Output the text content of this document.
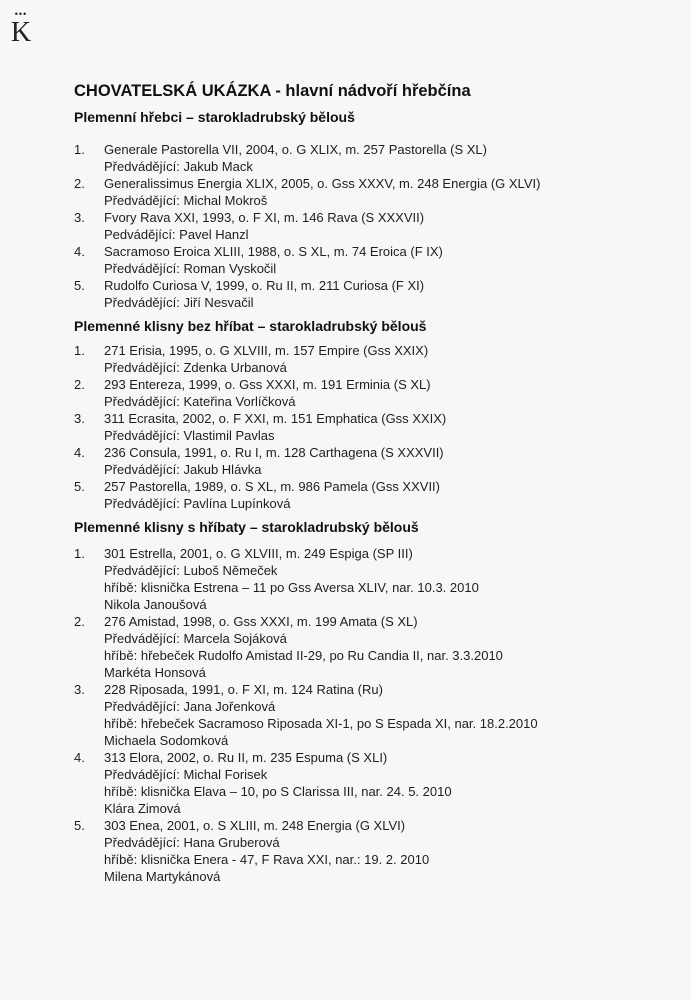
•••
K
CHOVATELSKÁ UKÁZKA - hlavní nádvoří hřebčína
Plemenní hřebci – starokladrubský bělouš
1. Generale Pastorella VII, 2004, o. G XLIX, m. 257 Pastorella (S XL)
Předvádějící: Jakub Mack
2. Generalissimus Energia XLIX, 2005, o. Gss XXXV, m. 248 Energia (G XLVI)
Předvádějící: Michal Mokroš
3. Fvory Rava XXI, 1993, o. F XI, m. 146 Rava (S XXXVII)
Pedvádějící: Pavel Hanzl
4. Sacramoso Eroica XLIII, 1988, o. S XL, m. 74 Eroica (F IX)
Předvádějící: Roman Vyskočil
5. Rudolfo Curiosa V, 1999, o. Ru II, m. 211 Curiosa (F XI)
Předvádějící: Jiří Nesvačil
Plemenné klisny bez hříbat – starokladrubský bělouš
1. 271 Erisia, 1995, o. G XLVIII, m. 157 Empire (Gss XXIX)
Předvádějící: Zdenka Urbanová
2. 293 Entereza, 1999, o. Gss XXXI, m. 191 Erminia (S XL)
Předvádějící: Kateřina Vorlíčková
3. 311 Ecrasita, 2002, o. F XXI, m. 151 Emphatica (Gss XXIX)
Předvádějící: Vlastimil Pavlas
4. 236 Consula, 1991, o. Ru I, m. 128 Carthagena (S XXXVII)
Předvádějící: Jakub Hlávka
5. 257 Pastorella, 1989, o. S XL, m. 986 Pamela (Gss XXVII)
Předvádějící: Pavlína Lupínková
Plemenné klisny s hříbaty – starokladrubský bělouš
1. 301 Estrella, 2001, o. G XLVIII, m. 249 Espiga (SP III)
Předvádějící: Luboš Němeček
hříbě: klisnička Estrena – 11 po Gss Aversa XLIV, nar. 10.3. 2010
Nikola Janoušová
2. 276 Amistad, 1998, o. Gss XXXI, m. 199 Amata (S XL)
Předvádějící: Marcela Sojáková
hříbě: hřebeček Rudolfo Amistad II-29, po Ru Candia II, nar. 3.3.2010
Markéta Honsová
3. 228 Riposada, 1991, o. F XI, m. 124 Ratina (Ru)
Předvádějící: Jana Jořenková
hříbě: hřebeček Sacramoso Riposada XI-1, po S Espada XI, nar. 18.2.2010
Michaela Sodomková
4. 313 Elora, 2002, o. Ru II, m. 235 Espuma (S XLI)
Předvádějící: Michal Forisek
hříbě: klisnička Elava – 10, po S Clarissa III, nar. 24. 5. 2010
Klára Zimová
5. 303 Enea, 2001, o. S XLIII, m. 248 Energia (G XLVI)
Předvádějící: Hana Gruberová
hříbě: klisnička Enera - 47, F Rava XXI, nar.: 19. 2. 2010
Milena Martykánová
